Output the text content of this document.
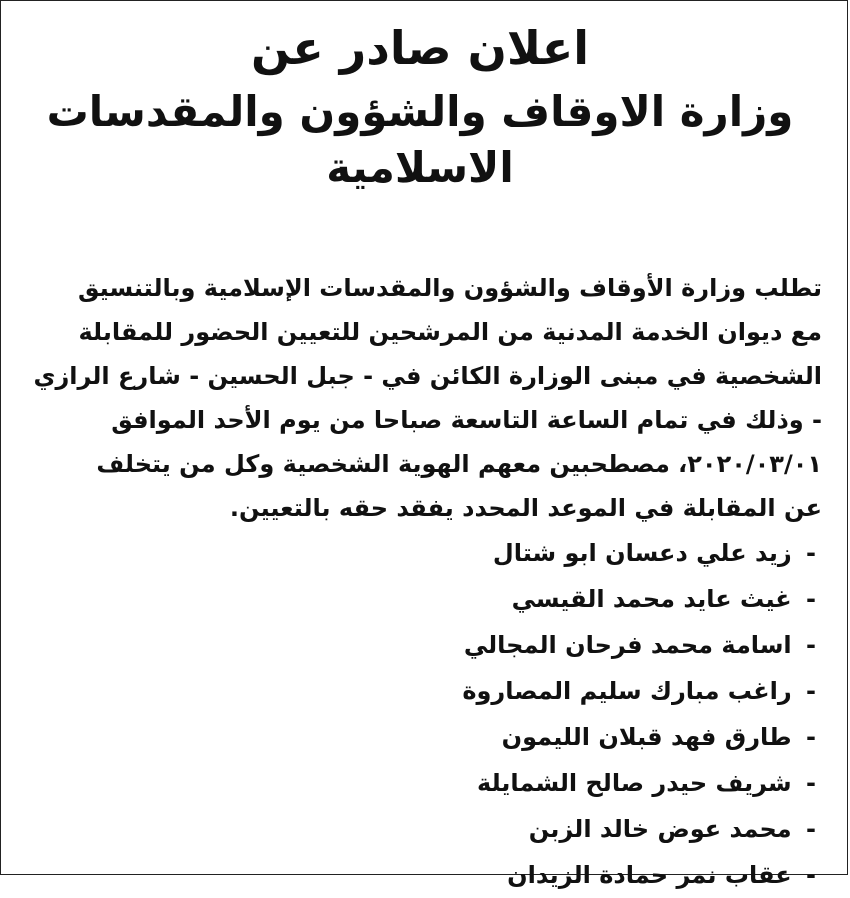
اعلان صادر عن
وزارة الاوقاف والشؤون والمقدسات الاسلامية
تطلب وزارة الأوقاف والشؤون والمقدسات الإسلامية وبالتنسيق
مع ديوان الخدمة المدنية من المرشحين للتعيين الحضور للمقابلة
الشخصية في مبنى الوزارة الكائن في - جبل الحسين - شارع الرازي
- وذلك في تمام الساعة التاسعة صباحا من يوم الأحد الموافق
٢٠٢٠/٠٣/٠١، مصطحبين معهم الهوية الشخصية وكل من يتخلف
عن المقابلة في الموعد المحدد يفقد حقه بالتعيين.
- زيد علي دعسان ابو شتال
- غيث عايد محمد القيسي
- اسامة محمد فرحان المجالي
- راغب مبارك سليم المصاروة
- طارق فهد قبلان الليمون
- شريف حيدر صالح الشمايلة
- محمد عوض خالد الزبن
- عقاب نمر حمادة الزيدان
